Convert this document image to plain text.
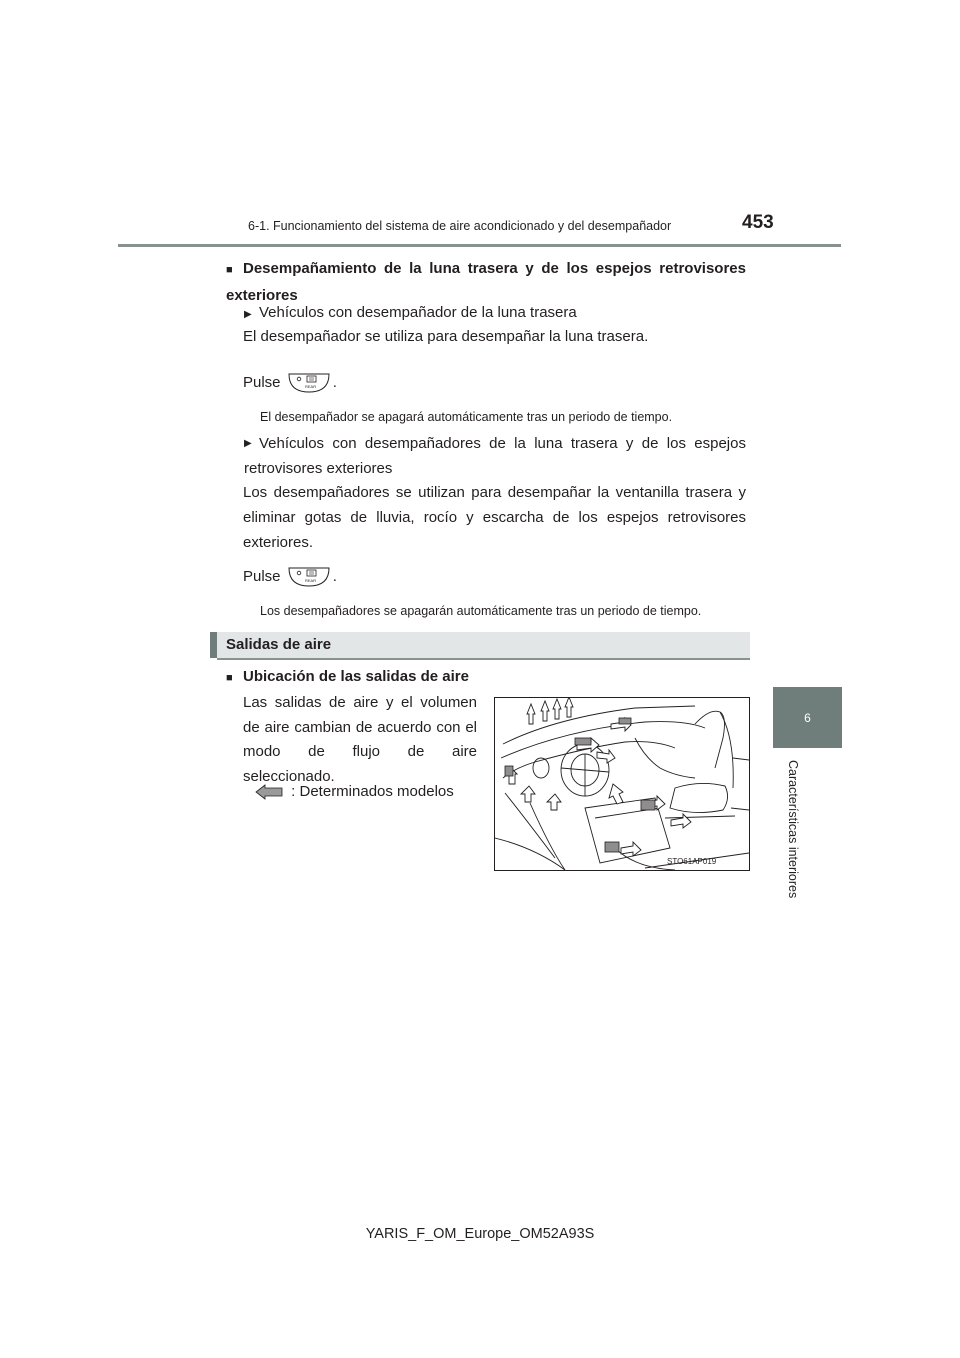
6-1. Funcionamiento del sistema de aire acondicionado y del desempañador	453
6
Características interiores
■ Desempañamiento de la luna trasera y de los espejos retrovisores exteriores
▶ Vehículos con desempañador de la luna trasera
El desempañador se utiliza para desempañar la luna trasera.
Pulse	REAR .
El desempañador se apagará automáticamente tras un periodo de tiempo.
▶ Vehículos con desempañadores de la luna trasera y de los espejos retrovisores exteriores
Los desempañadores se utilizan para desempañar la ventanilla trasera y eliminar gotas de lluvia, rocío y escarcha de los espejos retrovisores exteriores.
Pulse	REAR .
Los desempañadores se apagarán automáticamente tras un periodo de tiempo.
Salidas de aire
■ Ubicación de las salidas de aire
Las salidas de aire y el volumen de aire cambian de acuerdo con el modo de flujo de aire seleccionado.
: Determinados modelos
STO61AP019
YARIS_F_OM_Europe_OM52A93S
